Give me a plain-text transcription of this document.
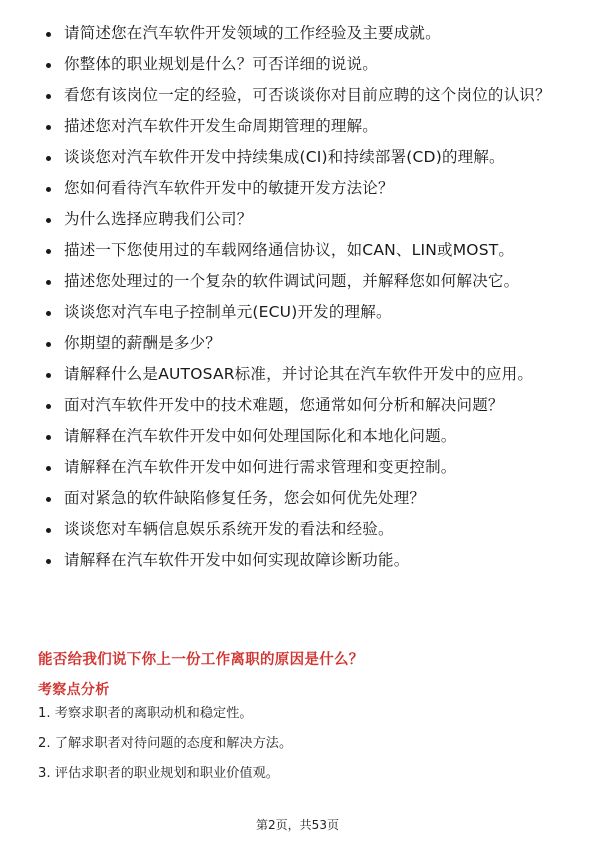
请简述您在汽车软件开发领域的工作经验及主要成就。
你整体的职业规划是什么？可否详细的说说。
看您有该岗位一定的经验，可否谈谈你对目前应聘的这个岗位的认识？
描述您对汽车软件开发生命周期管理的理解。
谈谈您对汽车软件开发中持续集成(CI)和持续部署(CD)的理解。
您如何看待汽车软件开发中的敏捷开发方法论？
为什么选择应聘我们公司？
描述一下您使用过的车载网络通信协议，如CAN、LIN或MOST。
描述您处理过的一个复杂的软件调试问题，并解释您如何解决它。
谈谈您对汽车电子控制单元(ECU)开发的理解。
你期望的薪酬是多少？
请解释什么是AUTOSAR标准，并讨论其在汽车软件开发中的应用。
面对汽车软件开发中的技术难题，您通常如何分析和解决问题？
请解释在汽车软件开发中如何处理国际化和本地化问题。
请解释在汽车软件开发中如何进行需求管理和变更控制。
面对紧急的软件缺陷修复任务，您会如何优先处理？
谈谈您对车辆信息娱乐系统开发的看法和经验。
请解释在汽车软件开发中如何实现故障诊断功能。
能否给我们说下你上一份工作离职的原因是什么？
考察点分析
1. 考察求职者的离职动机和稳定性。
2. 了解求职者对待问题的态度和解决方法。
3. 评估求职者的职业规划和职业价值观。
第2页，共53页
